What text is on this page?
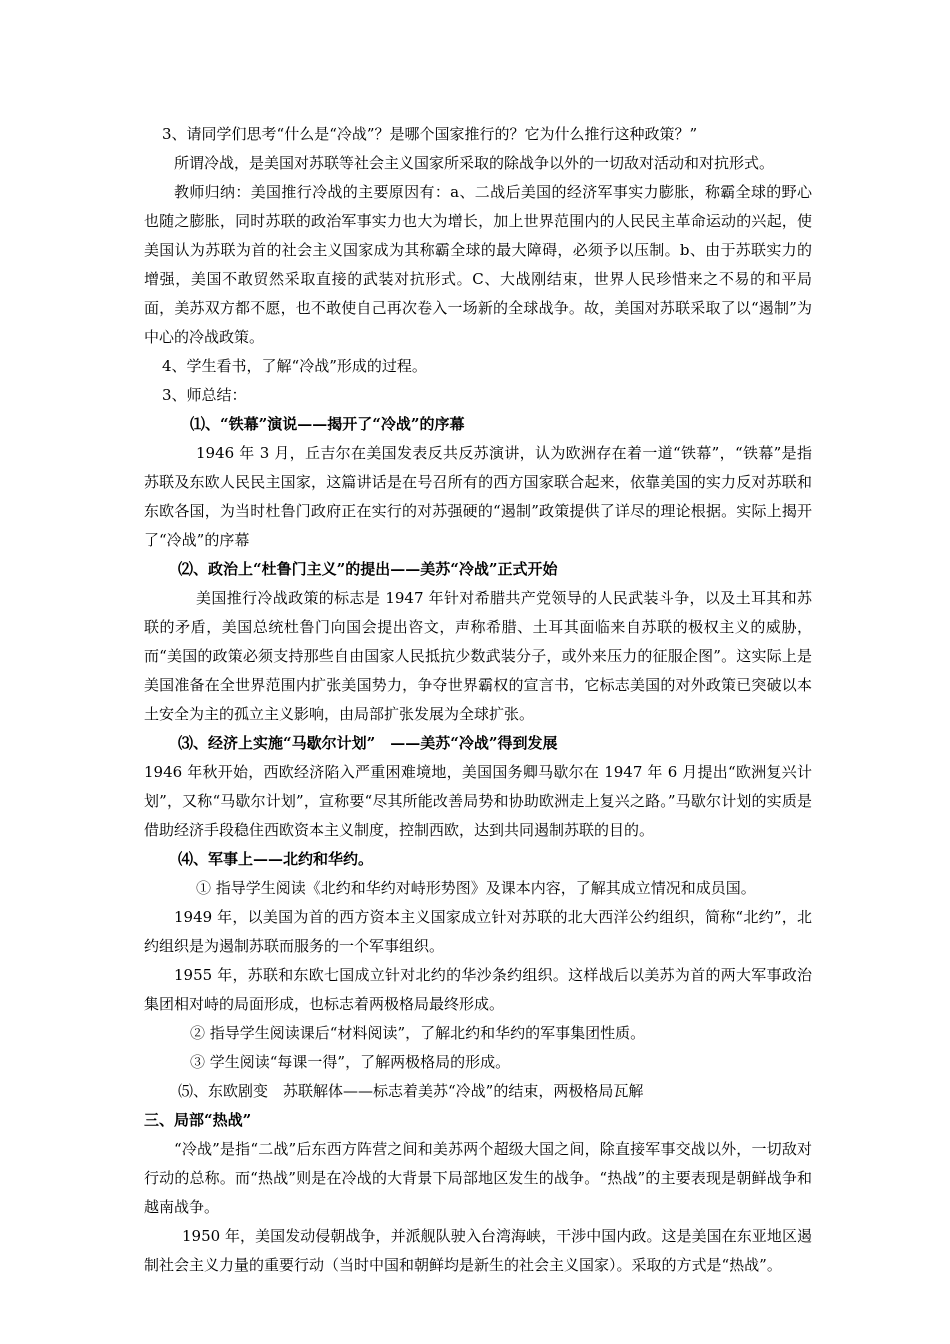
3、请同学们思考“什么是“冷战”？是哪个国家推行的？它为什么推行这种政策？”

所谓冷战，是美国对苏联等社会主义国家所采取的除战争以外的一切敌对活动和对抗形式。

教师归纳：美国推行冷战的主要原因有：a、二战后美国的经济军事实力膨胀，称霸全球的野心也随之膨胀，同时苏联的政治军事实力也大为增长，加上世界范围内的人民民主革命运动的兴起，使美国认为苏联为首的社会主义国家成为其称霸全球的最大障碍，必须予以压制。b、由于苏联实力的增强，美国不敢贸然采取直接的武装对抗形式。C、大战刚结束，世界人民珍惜来之不易的和平局面，美苏双方都不愿，也不敢使自己再次卷入一场新的全球战争。故，美国对苏联采取了以“遏制”为中心的冷战政策。

4、学生看书，了解“冷战”形成的过程。

3、师总结：

⑴、“铁幕”演说——揭开了“冷战”的序幕

1946 年 3 月，丘吉尔在美国发表反共反苏演讲，认为欧洲存在着一道“铁幕”，“铁幕”是指苏联及东欧人民民主国家，这篇讲话是在号召所有的西方国家联合起来，依靠美国的实力反对苏联和东欧各国，为当时杜鲁门政府正在实行的对苏强硬的“遏制”政策提供了详尽的理论根据。实际上揭开了“冷战”的序幕

⑵、政治上“杜鲁门主义”的提出——美苏“冷战”正式开始

美国推行冷战政策的标志是 1947 年针对希腊共产党领导的人民武装斗争，以及土耳其和苏联的矛盾，美国总统杜鲁门向国会提出咨文，声称希腊、土耳其面临来自苏联的极权主义的威胁，而“美国的政策必须支持那些自由国家人民抵抗少数武装分子，或外来压力的征服企图”。这实际上是美国准备在全世界范围内扩张美国势力，争夺世界霸权的宣言书，它标志美国的对外政策已突破以本土安全为主的孤立主义影响，由局部扩张发展为全球扩张。

⑶、经济上实施“马歇尔计划”　——美苏“冷战”得到发展

1946 年秋开始，西欧经济陷入严重困难境地，美国国务卿马歇尔在 1947 年 6 月提出“欧洲复兴计划”，又称“马歇尔计划”，宣称要“尽其所能改善局势和协助欧洲走上复兴之路。”马歇尔计划的实质是借助经济手段稳住西欧资本主义制度，控制西欧，达到共同遏制苏联的目的。

⑷、军事上——北约和华约。

① 指导学生阅读《北约和华约对峙形势图》及课本内容，了解其成立情况和成员国。

1949 年，以美国为首的西方资本主义国家成立针对苏联的北大西洋公约组织，简称“北约”，北约组织是为遏制苏联而服务的一个军事组织。

1955 年，苏联和东欧七国成立针对北约的华沙条约组织。这样战后以美苏为首的两大军事政治集团相对峙的局面形成，也标志着两极格局最终形成。

② 指导学生阅读课后“材料阅读”，了解北约和华约的军事集团性质。

③ 学生阅读“每课一得”，了解两极格局的形成。

⑸、东欧剧变　苏联解体——标志着美苏“冷战”的结束，两极格局瓦解

三、局部“热战”

“冷战”是指“二战”后东西方阵营之间和美苏两个超级大国之间，除直接军事交战以外，一切敌对行动的总称。而“热战”则是在冷战的大背景下局部地区发生的战争。“热战”的主要表现是朝鲜战争和越南战争。

1950 年，美国发动侵朝战争，并派舰队驶入台湾海峡，干涉中国内政。这是美国在东亚地区遏制社会主义力量的重要行动（当时中国和朝鲜均是新生的社会主义国家）。采取的方式是“热战”。
